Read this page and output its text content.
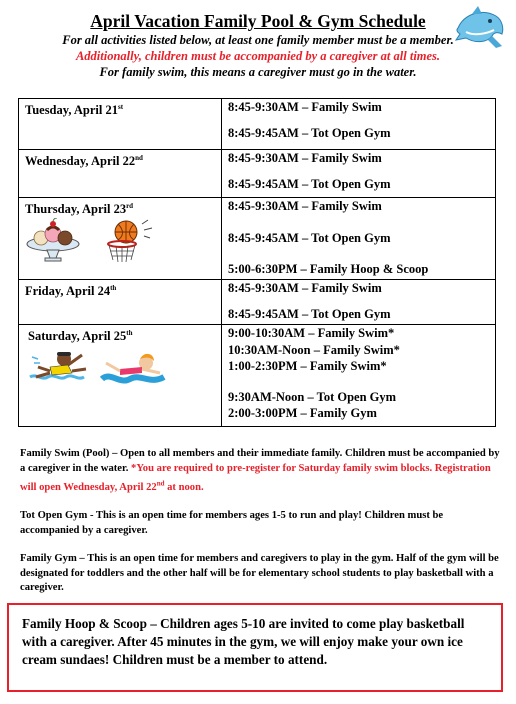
April Vacation Family Pool & Gym Schedule
For all activities listed below, at least one family member must be a member.
Additionally, children must be accompanied by a caregiver at all times.
For family swim, this means a caregiver must go in the water.
Tuesday, April 21st	8:45-9:30AM – Family Swim
8:45-9:45AM – Tot Open Gym

Wednesday, April 22nd	8:45-9:30AM – Family Swim
8:45-9:45AM – Tot Open Gym

Thursday, April 23rd	8:45-9:30AM – Family Swim
8:45-9:45AM – Tot Open Gym
5:00-6:30PM – Family Hoop & Scoop

Friday, April 24th	8:45-9:30AM – Family Swim
8:45-9:45AM – Tot Open Gym

Saturday, April 25th	9:00-10:30AM – Family Swim*
10:30AM-Noon – Family Swim*
1:00-2:30PM – Family Swim*
9:30AM-Noon – Tot Open Gym
2:00-3:00PM – Family Gym

Family Swim (Pool) – Open to all members and their immediate family. Children must be accompanied by a caregiver in the water. *You are required to pre-register for Saturday family swim blocks. Registration will open Wednesday, April 22nd at noon.

Tot Open Gym - This is an open time for members ages 1-5 to run and play! Children must be accompanied by a caregiver.

Family Gym – This is an open time for members and caregivers to play in the gym. Half of the gym will be designated for toddlers and the other half will be for elementary school students to play basketball with a caregiver.

Family Hoop & Scoop – Children ages 5-10 are invited to come play basketball with a caregiver. After 45 minutes in the gym, we will enjoy make your own ice cream sundaes! Children must be a member to attend.
